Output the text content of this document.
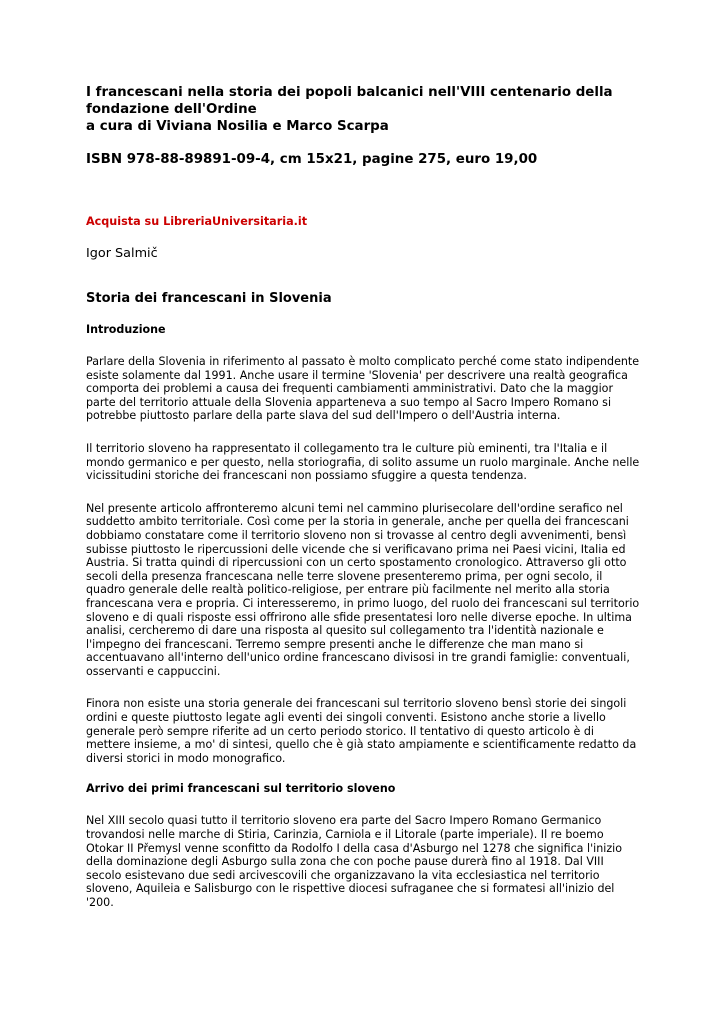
I francescani nella storia dei popoli balcanici nell'VIII centenario della
fondazione dell'Ordine
a cura di Viviana Nosilia e Marco Scarpa
ISBN 978-88-89891-09-4, cm 15x21, pagine 275, euro 19,00
Acquista su LibreriaUniversitaria.it
Igor Salmič
Storia dei francescani in Slovenia
Introduzione
Parlare della Slovenia in riferimento al passato è molto complicato perché come stato indipendente
esiste solamente dal 1991. Anche usare il termine 'Slovenia' per descrivere una realtà geografica
comporta dei problemi a causa dei frequenti cambiamenti amministrativi. Dato che la maggior
parte del territorio attuale della Slovenia apparteneva a suo tempo al Sacro Impero Romano si
potrebbe piuttosto parlare della parte slava del sud dell'Impero o dell'Austria interna.
Il territorio sloveno ha rappresentato il collegamento tra le culture più eminenti, tra l'Italia e il
mondo germanico e per questo, nella storiografia, di solito assume un ruolo marginale. Anche nelle
vicissitudini storiche dei francescani non possiamo sfuggire a questa tendenza.
Nel presente articolo affronteremo alcuni temi nel cammino plurisecolare dell'ordine serafico nel
suddetto ambito territoriale. Così come per la storia in generale, anche per quella dei francescani
dobbiamo constatare come il territorio sloveno non si trovasse al centro degli avvenimenti, bensì
subisse piuttosto le ripercussioni delle vicende che si verificavano prima nei Paesi vicini, Italia ed
Austria. Si tratta quindi di ripercussioni con un certo spostamento cronologico. Attraverso gli otto
secoli della presenza francescana nelle terre slovene presenteremo prima, per ogni secolo, il
quadro generale delle realtà politico-religiose, per entrare più facilmente nel merito alla storia
francescana vera e propria. Ci interesseremo, in primo luogo, del ruolo dei francescani sul territorio
sloveno e di quali risposte essi offrirono alle sfide presentatesi loro nelle diverse epoche. In ultima
analisi, cercheremo di dare una risposta al quesito sul collegamento tra l'identità nazionale e
l'impegno dei francescani. Terremo sempre presenti anche le differenze che man mano si
accentuavano all'interno dell'unico ordine francescano divisosi in tre grandi famiglie: conventuali,
osservanti e cappuccini.
Finora non esiste una storia generale dei francescani sul territorio sloveno bensì storie dei singoli
ordini e queste piuttosto legate agli eventi dei singoli conventi. Esistono anche storie a livello
generale però sempre riferite ad un certo periodo storico. Il tentativo di questo articolo è di
mettere insieme, a mo' di sintesi, quello che è già stato ampiamente e scientificamente redatto da
diversi storici in modo monografico.
Arrivo dei primi francescani sul territorio sloveno
Nel XIII secolo quasi tutto il territorio sloveno era parte del Sacro Impero Romano Germanico
trovandosi nelle marche di Stiria, Carinzia, Carniola e il Litorale (parte imperiale). Il re boemo
Otokar II Přemysl venne sconfitto da Rodolfo I della casa d'Asburgo nel 1278 che significa l'inizio
della dominazione degli Asburgo sulla zona che con poche pause durerà fino al 1918. Dal VIII
secolo esistevano due sedi arcivescovili che organizzavano la vita ecclesiastica nel territorio
sloveno, Aquileia e Salisburgo con le rispettive diocesi sufraganee che si formatesi all'inizio del
'200.
